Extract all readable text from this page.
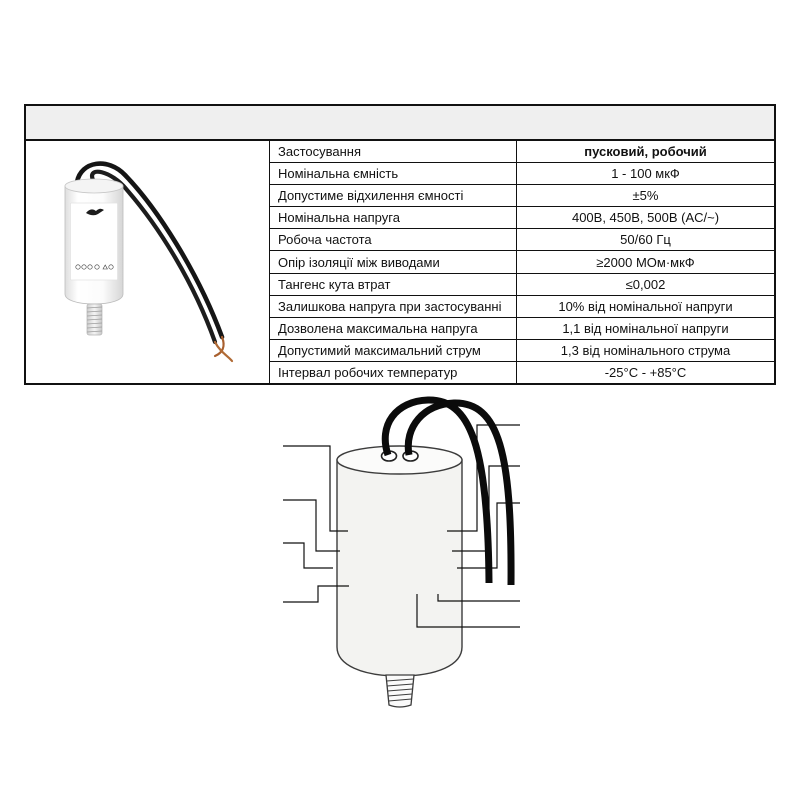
Застосування	пусковий, робочий
Номінальна ємність	1 - 100 мкФ
Допустиме відхилення ємності	±5%
Номінальна напруга	400В, 450В, 500В (AC/~)
Робоча частота	50/60 Гц
Опір ізоляції між виводами	≥2000 МОм·мкФ
Тангенс кута втрат	≤0,002
Залишкова напруга при застосуванні	10% від номінальної напруги
Дозволена максимальна напруга	1,1 від номінальної напруги
Допустимий максимальний струм	1,3 від номінального струма
Інтервал робочих температур	-25°C - +85°C
